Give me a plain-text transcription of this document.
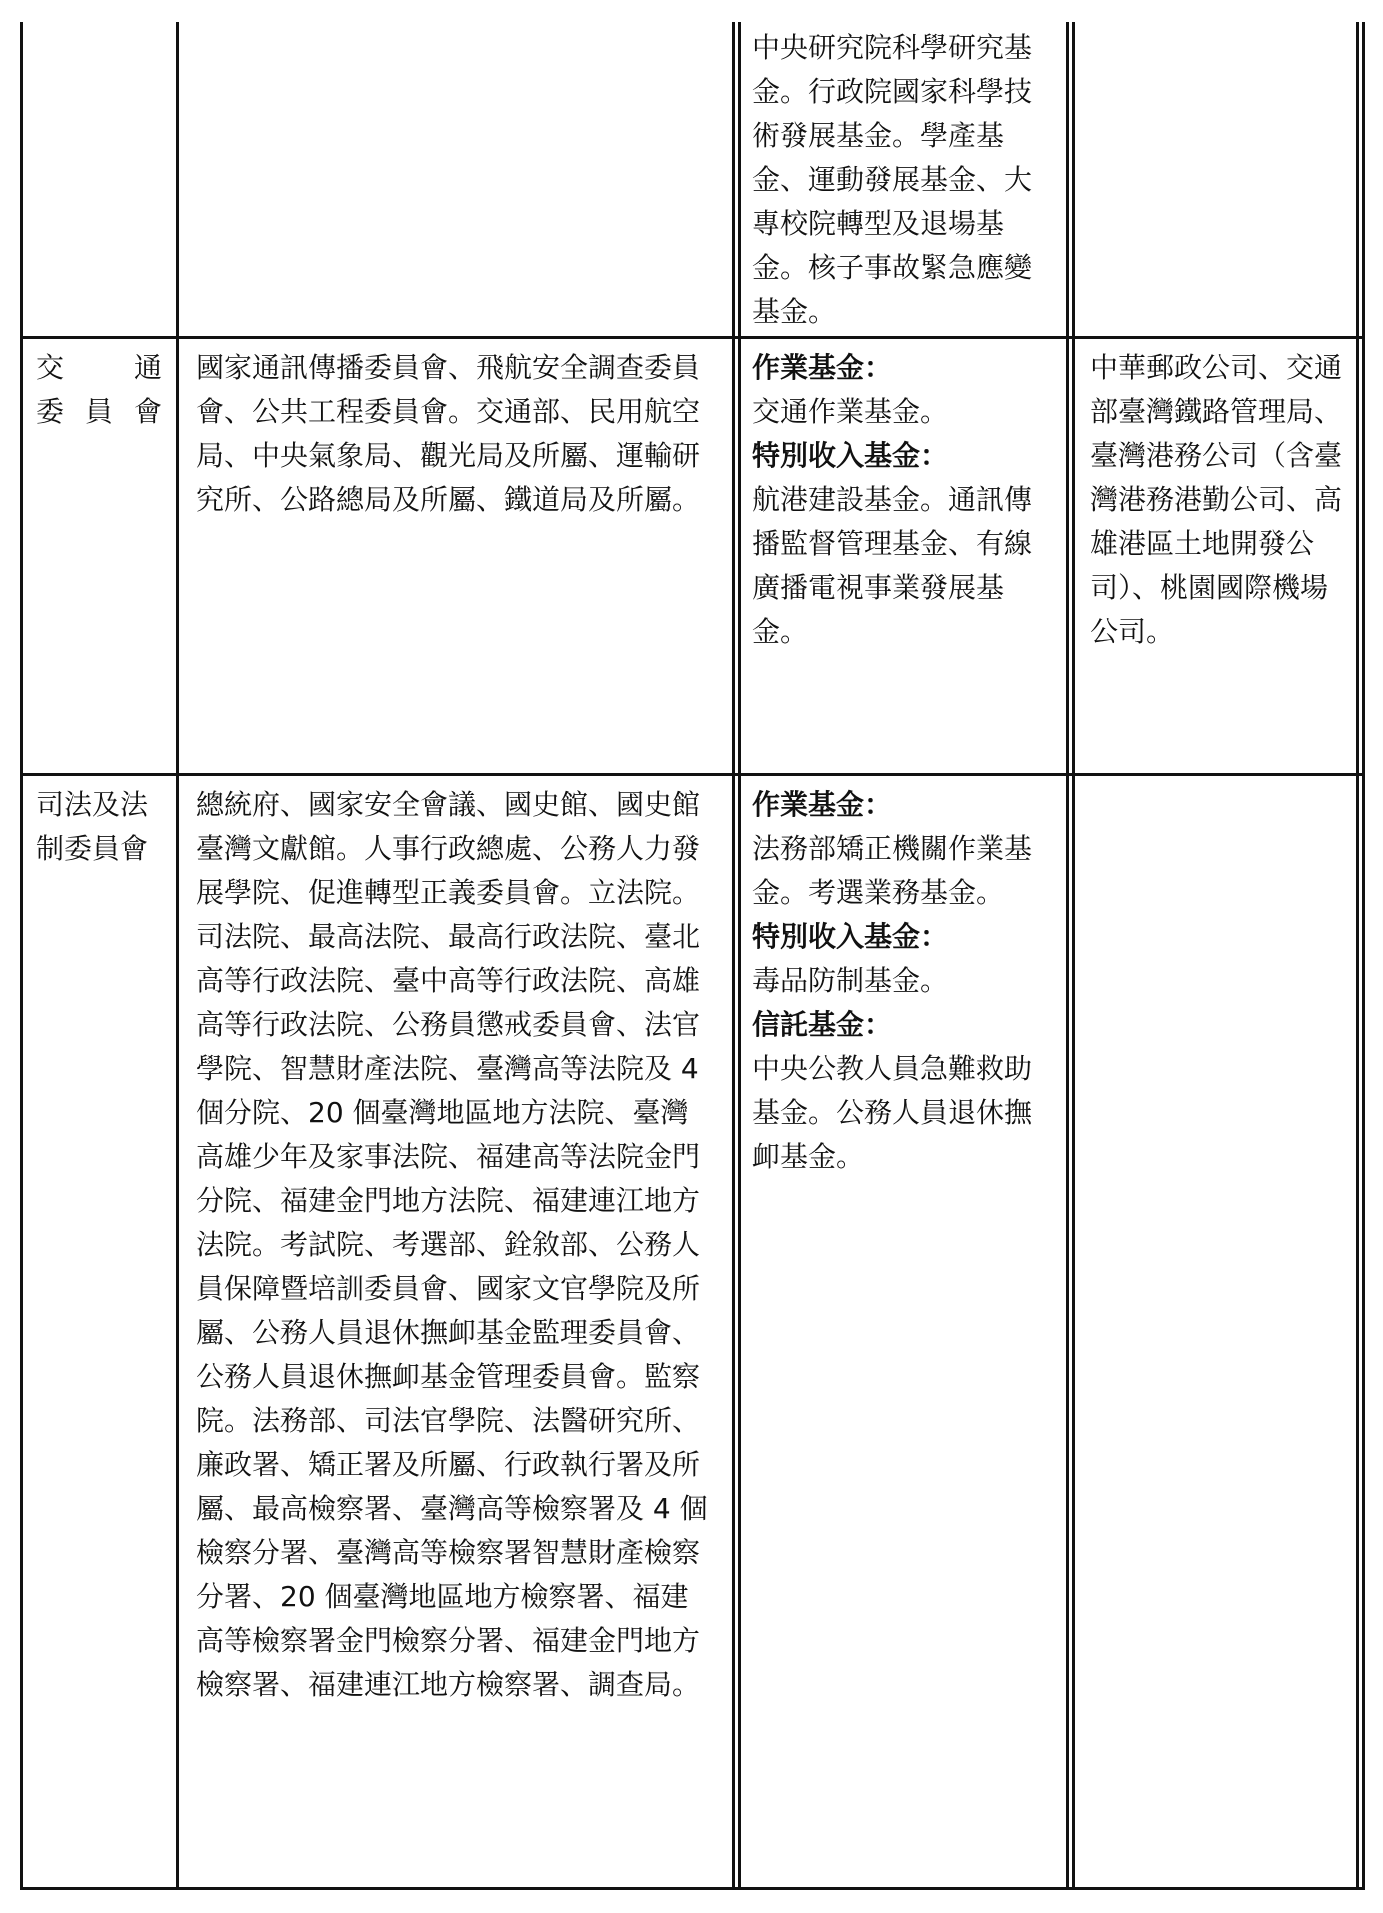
中央研究院科學研究基金。行政院國家科學技術發展基金。學產基金、運動發展基金、大專校院轉型及退場基金。核子事故緊急應變基金。

交 通
委 員 會

國家通訊傳播委員會、飛航安全調查委員會、公共工程委員會。交通部、民用航空局、中央氣象局、觀光局及所屬、運輸研究所、公路總局及所屬、鐵道局及所屬。

作業基金：

交通作業基金。

特別收入基金：

航港建設基金。通訊傳播監督管理基金、有線廣播電視事業發展基金。

中華郵政公司、交通部臺灣鐵路管理局、臺灣港務公司（含臺灣港務港勤公司、高雄港區土地開發公司）、桃園國際機場公司。

司法及法制委員會

總統府、國家安全會議、國史館、國史館臺灣文獻館。人事行政總處、公務人力發展學院、促進轉型正義委員會。立法院。司法院、最高法院、最高行政法院、臺北高等行政法院、臺中高等行政法院、高雄高等行政法院、公務員懲戒委員會、法官學院、智慧財產法院、臺灣高等法院及 4 個分院、20 個臺灣地區地方法院、臺灣高雄少年及家事法院、福建高等法院金門分院、福建金門地方法院、福建連江地方法院。考試院、考選部、銓敘部、公務人員保障暨培訓委員會、國家文官學院及所屬、公務人員退休撫卹基金監理委員會、公務人員退休撫卹基金管理委員會。監察院。法務部、司法官學院、法醫研究所、廉政署、矯正署及所屬、行政執行署及所屬、最高檢察署、臺灣高等檢察署及 4 個檢察分署、臺灣高等檢察署智慧財產檢察分署、20 個臺灣地區地方檢察署、福建高等檢察署金門檢察分署、福建金門地方檢察署、福建連江地方檢察署、調查局。

作業基金：

法務部矯正機關作業基金。考選業務基金。

特別收入基金：

毒品防制基金。

信託基金：

中央公教人員急難救助基金。公務人員退休撫卹基金。
